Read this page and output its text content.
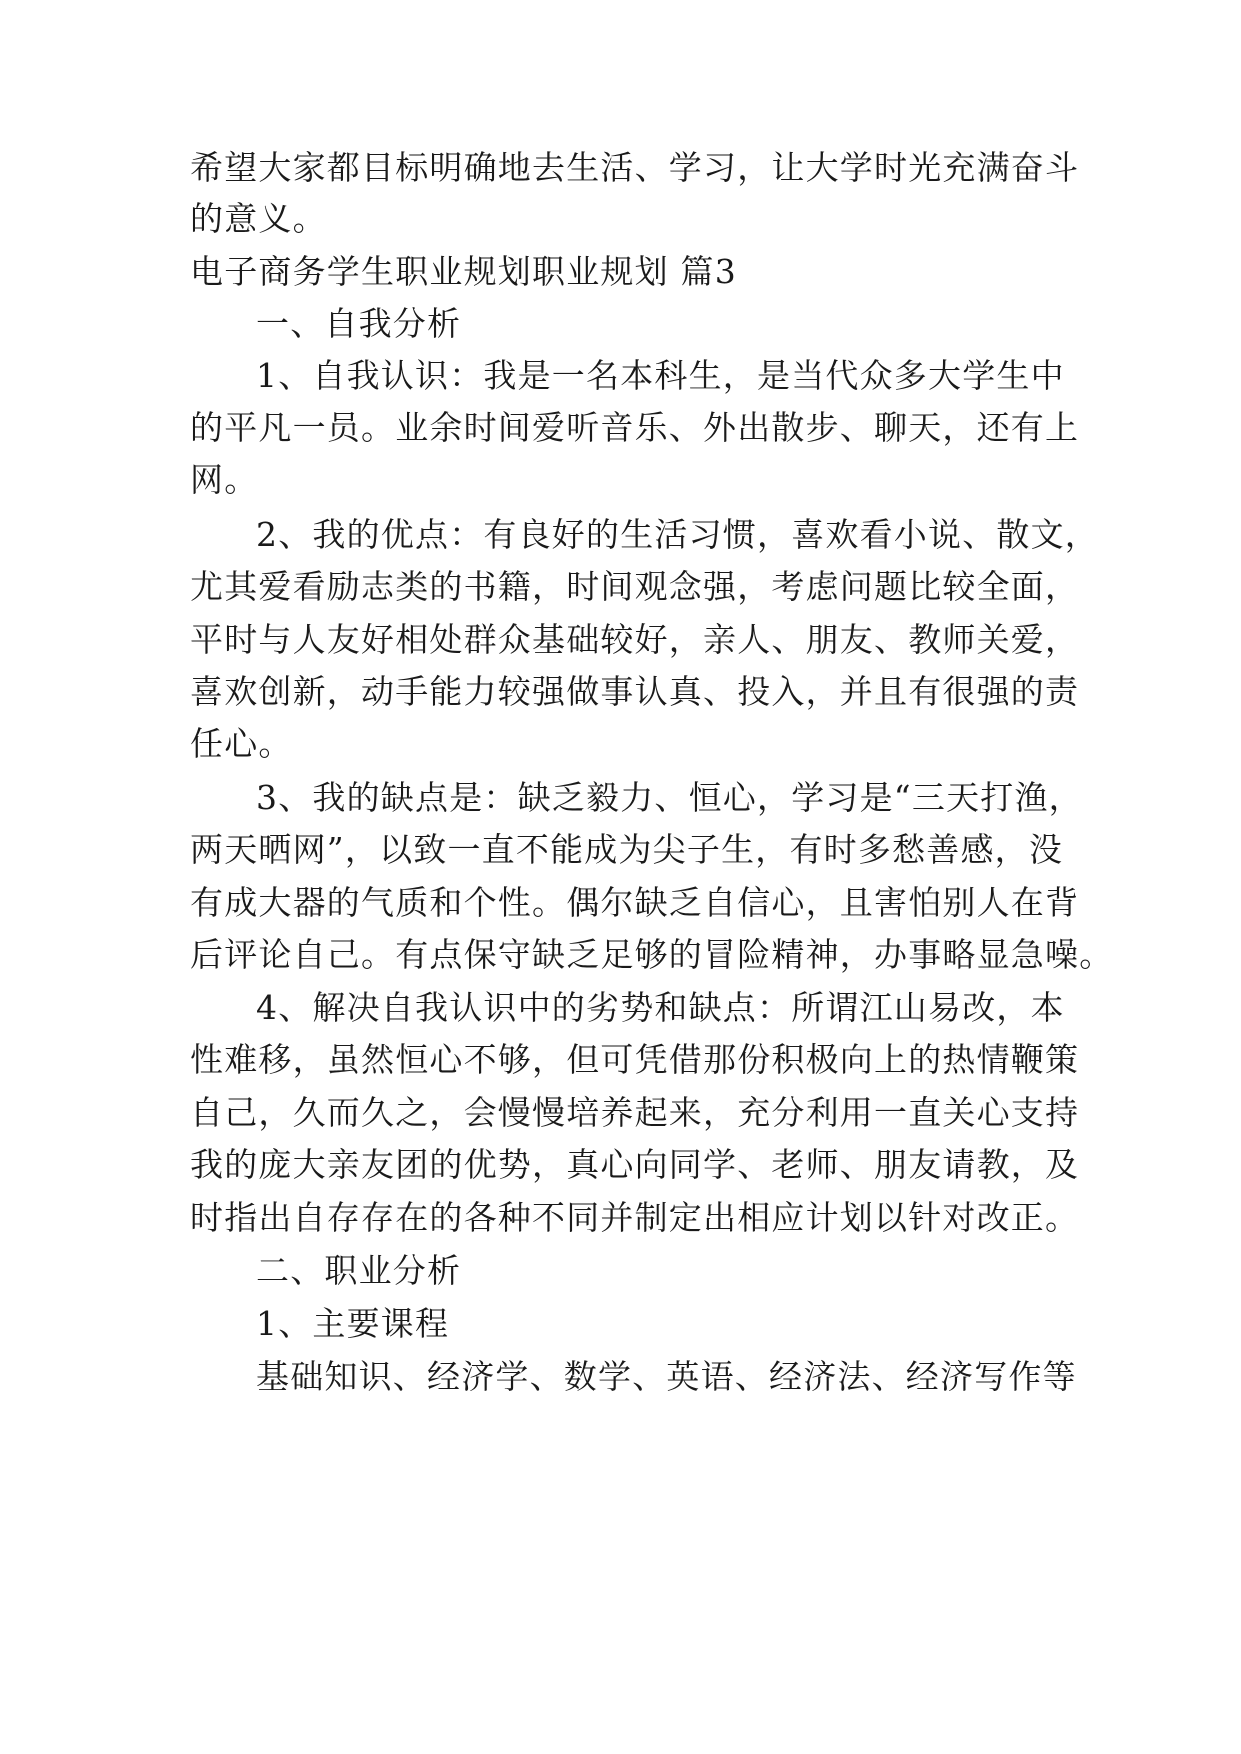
希望大家都目标明确地去生活、学习，让大学时光充满奋斗

的意义。

电子商务学生职业规划职业规划 篇3

一、自我分析

1、自我认识：我是一名本科生，是当代众多大学生中

的平凡一员。业余时间爱听音乐、外出散步、聊天，还有上

网。

2、我的优点：有良好的生活习惯，喜欢看小说、散文，

尤其爱看励志类的书籍，时间观念强，考虑问题比较全面，

平时与人友好相处群众基础较好，亲人、朋友、教师关爱，

喜欢创新，动手能力较强做事认真、投入，并且有很强的责

任心。

3、我的缺点是：缺乏毅力、恒心，学习是“三天打渔，

两天晒网”，以致一直不能成为尖子生，有时多愁善感，没

有成大器的气质和个性。偶尔缺乏自信心，且害怕别人在背

后评论自己。有点保守缺乏足够的冒险精神，办事略显急噪。

4、解决自我认识中的劣势和缺点：所谓江山易改，本

性难移，虽然恒心不够，但可凭借那份积极向上的热情鞭策

自己，久而久之，会慢慢培养起来，充分利用一直关心支持

我的庞大亲友团的优势，真心向同学、老师、朋友请教，及

时指出自存存在的各种不同并制定出相应计划以针对改正。

二、职业分析

1、主要课程

基础知识、经济学、数学、英语、经济法、经济写作等
